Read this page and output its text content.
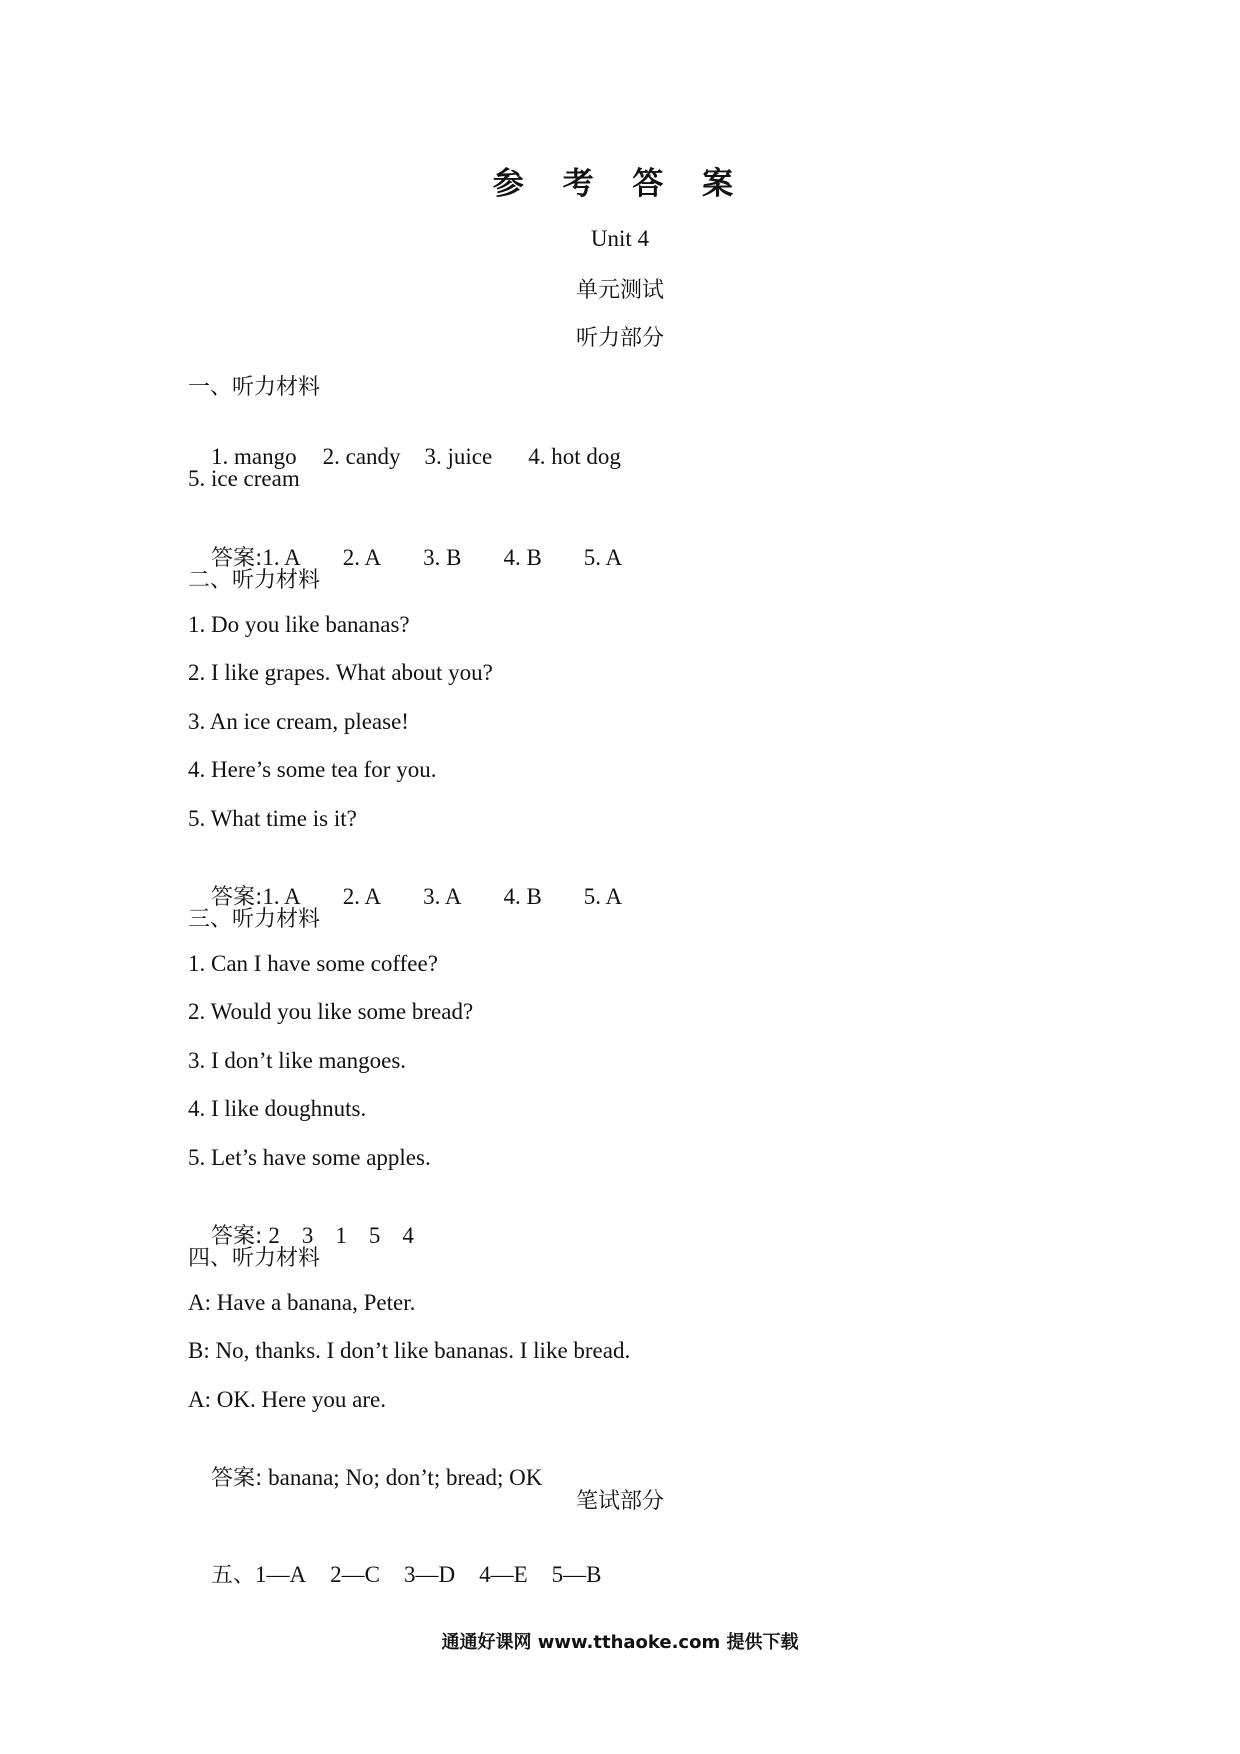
参 考 答 案
Unit 4
单元测试
听力部分
一、听力材料

1. mango 2. candy 3. juice 4. hot dog

5. ice cream

答案:1. A 2. A 3. B 4. B 5. A

二、听力材料
1. Do you like bananas?
2. I like grapes. What about you?
3. An ice cream, please!
4. Here’s some tea for you.
5. What time is it?

答案:1. A 2. A 3. A 4. B 5. A

三、听力材料
1. Can I have some coffee?
2. Would you like some bread?
3. I don’t like mangoes.
4. I like doughnuts.
5. Let’s have some apples.

答案: 2 3 1 5 4

四、听力材料
A: Have a banana, Peter.
B: No, thanks. I don’t like bananas. I like bread.
A: OK. Here you are.

答案: banana; No; don’t; bread; OK

笔试部分

五、1—A 2—C 3—D 4—E 5—B

通通好课网 www.tthaoke.com 提供下载
